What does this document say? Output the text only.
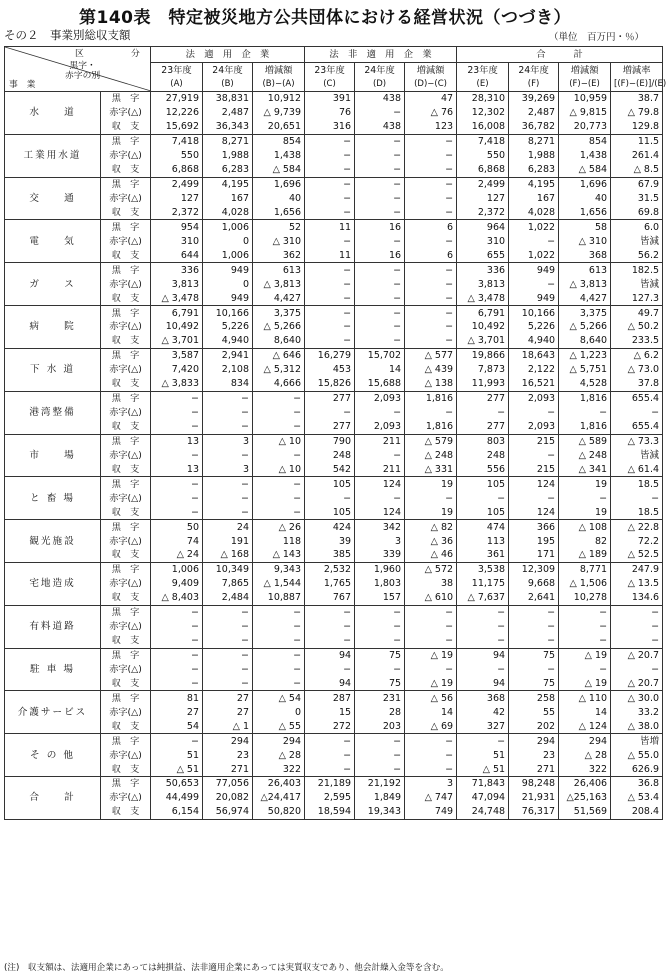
第140表　特定被災地方公共団体における経営状況（つづき）
その２　事業別総収支額	（単位　百万円・％）
区 分
黒字・
赤字の別
事　業		法　適　用　企　業			法　非　適　用　企　業			合　　　計			
		23年度	24年度	増減額	23年度	24年度	増減額	23年度	24年度	増減額	増減率
		(A)	(B)	(B)−(A)	(C)	(D)	(D)−(C)	(E)	(F)	(F)−(E)	[(F)−(E)]/(E)
水　　道	黒　字	27,919	38,831	10,912	391	438	47	28,310	39,269	10,959	38.7
	赤字(△)	12,226	2,487	△ 9,739	76	−	△ 76	12,302	2,487	△ 9,815	△ 79.8
	収　支	15,692	36,343	20,651	316	438	123	16,008	36,782	20,773	129.8
工業用水道	黒　字	7,418	8,271	854	−	−	−	7,418	8,271	854	11.5
	赤字(△)	550	1,988	1,438	−	−	−	550	1,988	1,438	261.4
	収　支	6,868	6,283	△ 584	−	−	−	6,868	6,283	△ 584	△ 8.5
交　　通	黒　字	2,499	4,195	1,696	−	−	−	2,499	4,195	1,696	67.9
	赤字(△)	127	167	40	−	−	−	127	167	40	31.5
	収　支	2,372	4,028	1,656	−	−	−	2,372	4,028	1,656	69.8
電　　気	黒　字	954	1,006	52	11	16	6	964	1,022	58	6.0
	赤字(△)	310	0	△ 310	−	−	−	310	−	△ 310	皆減
	収　支	644	1,006	362	11	16	6	655	1,022	368	56.2
ガ　　ス	黒　字	336	949	613	−	−	−	336	949	613	182.5
	赤字(△)	3,813	0	△ 3,813	−	−	−	3,813	−	△ 3,813	皆減
	収　支	△ 3,478	949	4,427	−	−	−	△ 3,478	949	4,427	127.3
病　　院	黒　字	6,791	10,166	3,375	−	−	−	6,791	10,166	3,375	49.7
	赤字(△)	10,492	5,226	△ 5,266	−	−	−	10,492	5,226	△ 5,266	△ 50.2
	収　支	△ 3,701	4,940	8,640	−	−	−	△ 3,701	4,940	8,640	233.5
下 水 道	黒　字	3,587	2,941	△ 646	16,279	15,702	△ 577	19,866	18,643	△ 1,223	△ 6.2
	赤字(△)	7,420	2,108	△ 5,312	453	14	△ 439	7,873	2,122	△ 5,751	△ 73.0
	収　支	△ 3,833	834	4,666	15,826	15,688	△ 138	11,993	16,521	4,528	37.8
港湾整備	黒　字	−	−	−	277	2,093	1,816	277	2,093	1,816	655.4
	赤字(△)	−	−	−	−	−	−	−	−	−	−
	収　支	−	−	−	277	2,093	1,816	277	2,093	1,816	655.4
市　　場	黒　字	13	3	△ 10	790	211	△ 579	803	215	△ 589	△ 73.3
	赤字(△)	−	−	−	248	−	△ 248	248	−	△ 248	皆減
	収　支	13	3	△ 10	542	211	△ 331	556	215	△ 341	△ 61.4
と 畜 場	黒　字	−	−	−	105	124	19	105	124	19	18.5
	赤字(△)	−	−	−	−	−	−	−	−	−	−
	収　支	−	−	−	105	124	19	105	124	19	18.5
観光施設	黒　字	50	24	△ 26	424	342	△ 82	474	366	△ 108	△ 22.8
	赤字(△)	74	191	118	39	3	△ 36	113	195	82	72.2
	収　支	△ 24	△ 168	△ 143	385	339	△ 46	361	171	△ 189	△ 52.5
宅地造成	黒　字	1,006	10,349	9,343	2,532	1,960	△ 572	3,538	12,309	8,771	247.9
	赤字(△)	9,409	7,865	△ 1,544	1,765	1,803	38	11,175	9,668	△ 1,506	△ 13.5
	収　支	△ 8,403	2,484	10,887	767	157	△ 610	△ 7,637	2,641	10,278	134.6
有料道路	黒　字	−	−	−	−	−	−	−	−	−	−
	赤字(△)	−	−	−	−	−	−	−	−	−	−
	収　支	−	−	−	−	−	−	−	−	−	−
駐 車 場	黒　字	−	−	−	94	75	△ 19	94	75	△ 19	△ 20.7
	赤字(△)	−	−	−	−	−	−	−	−	−	−
	収　支	−	−	−	94	75	△ 19	94	75	△ 19	△ 20.7
介護サービス	黒　字	81	27	△ 54	287	231	△ 56	368	258	△ 110	△ 30.0
	赤字(△)	27	27	0	15	28	14	42	55	14	33.2
	収　支	54	△ 1	△ 55	272	203	△ 69	327	202	△ 124	△ 38.0
そ の 他	黒　字	−	294	294	−	−	−	−	294	294	皆増
	赤字(△)	51	23	△ 28	−	−	−	51	23	△ 28	△ 55.0
	収　支	△ 51	271	322	−	−	−	△ 51	271	322	626.9
合　　計	黒　字	50,653	77,056	26,403	21,189	21,192	3	71,843	98,248	26,406	36.8
	赤字(△)	44,499	20,082	△24,417	2,595	1,849	△ 747	47,094	21,931	△25,163	△ 53.4
	収　支	6,154	56,974	50,820	18,594	19,343	749	24,748	76,317	51,569	208.4
(注)　収支額は、法適用企業にあっては純損益、法非適用企業にあっては実質収支であり、他会計繰入金等を含む。
